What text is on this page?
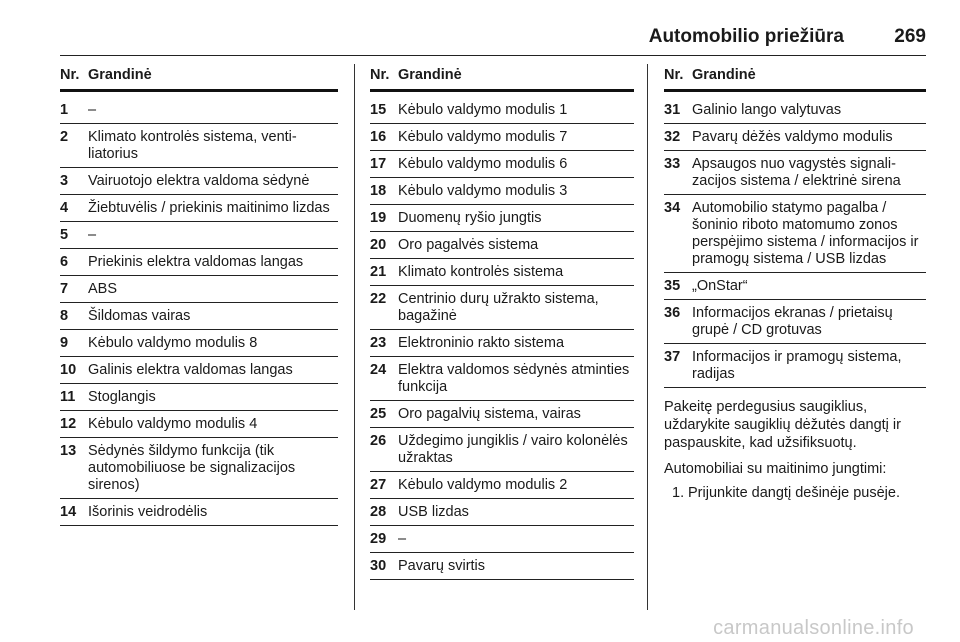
Automobilio priežiūra	269
Nr. Grandinė
1	–
2	Klimato kontrolės sistema, ventiliatorius
3	Vairuotojo elektra valdoma sėdynė
4	Žiebtuvėlis / priekinis maitinimo lizdas
5	–
6	Priekinis elektra valdomas langas
7	ABS
8	Šildomas vairas
9	Kėbulo valdymo modulis 8
10 Galinis elektra valdomas langas
11 Stoglangis
12 Kėbulo valdymo modulis 4
13 Sėdynės šildymo funkcija (tik automobiliuose be signalizacijos sirenos)
14 Išorinis veidrodėlis
Nr. Grandinė
15 Kėbulo valdymo modulis 1
16 Kėbulo valdymo modulis 7
17 Kėbulo valdymo modulis 6
18 Kėbulo valdymo modulis 3
19 Duomenų ryšio jungtis
20 Oro pagalvės sistema
21 Klimato kontrolės sistema
22 Centrinio durų užrakto sistema, bagažinė
23 Elektroninio rakto sistema
24 Elektra valdomos sėdynės atminties funkcija
25 Oro pagalvių sistema, vairas
26 Uždegimo jungiklis / vairo kolonėlės užraktas
27 Kėbulo valdymo modulis 2
28 USB lizdas
29 –
30 Pavarų svirtis
Nr. Grandinė
31 Galinio lango valytuvas
32 Pavarų dėžės valdymo modulis
33 Apsaugos nuo vagystės signalizacijos sistema / elektrinė sirena
34 Automobilio statymo pagalba / šoninio riboto matomumo zonos perspėjimo sistema / informacijos ir pramogų sistema / USB lizdas
35 „OnStar“
36 Informacijos ekranas / prietaisų grupė / CD grotuvas
37 Informacijos ir pramogų sistema, radijas
Pakeitę perdegusius saugiklius, uždarykite saugiklių dėžutės dangtį ir paspauskite, kad užsifiksuotų.
Automobiliai su maitinimo jungtimi:
1. Prijunkite dangtį dešinėje pusėje.
carmanualsonline.info
